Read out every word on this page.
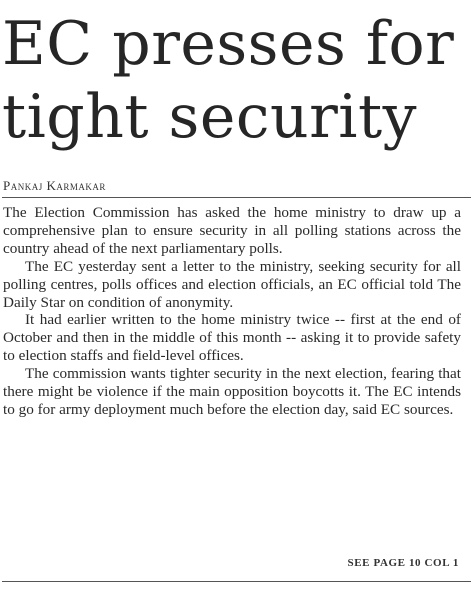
EC presses for tight security

Pankaj Karmakar

The Election Commission has asked the home ministry to draw up a comprehensive plan to ensure security in all polling stations across the country ahead of the next parliamentary polls.

The EC yesterday sent a letter to the ministry, seeking security for all polling centres, polls offices and election officials, an EC official told The Daily Star on condition of anonymity.

It had earlier written to the home ministry twice -- first at the end of October and then in the middle of this month -- asking it to provide safety to election staffs and field-level offices.

The commission wants tighter security in the next election, fearing that there might be violence if the main opposition boycotts it. The EC intends to go for army deployment much before the election day, said EC sources.

SEE PAGE 10 COL 1
